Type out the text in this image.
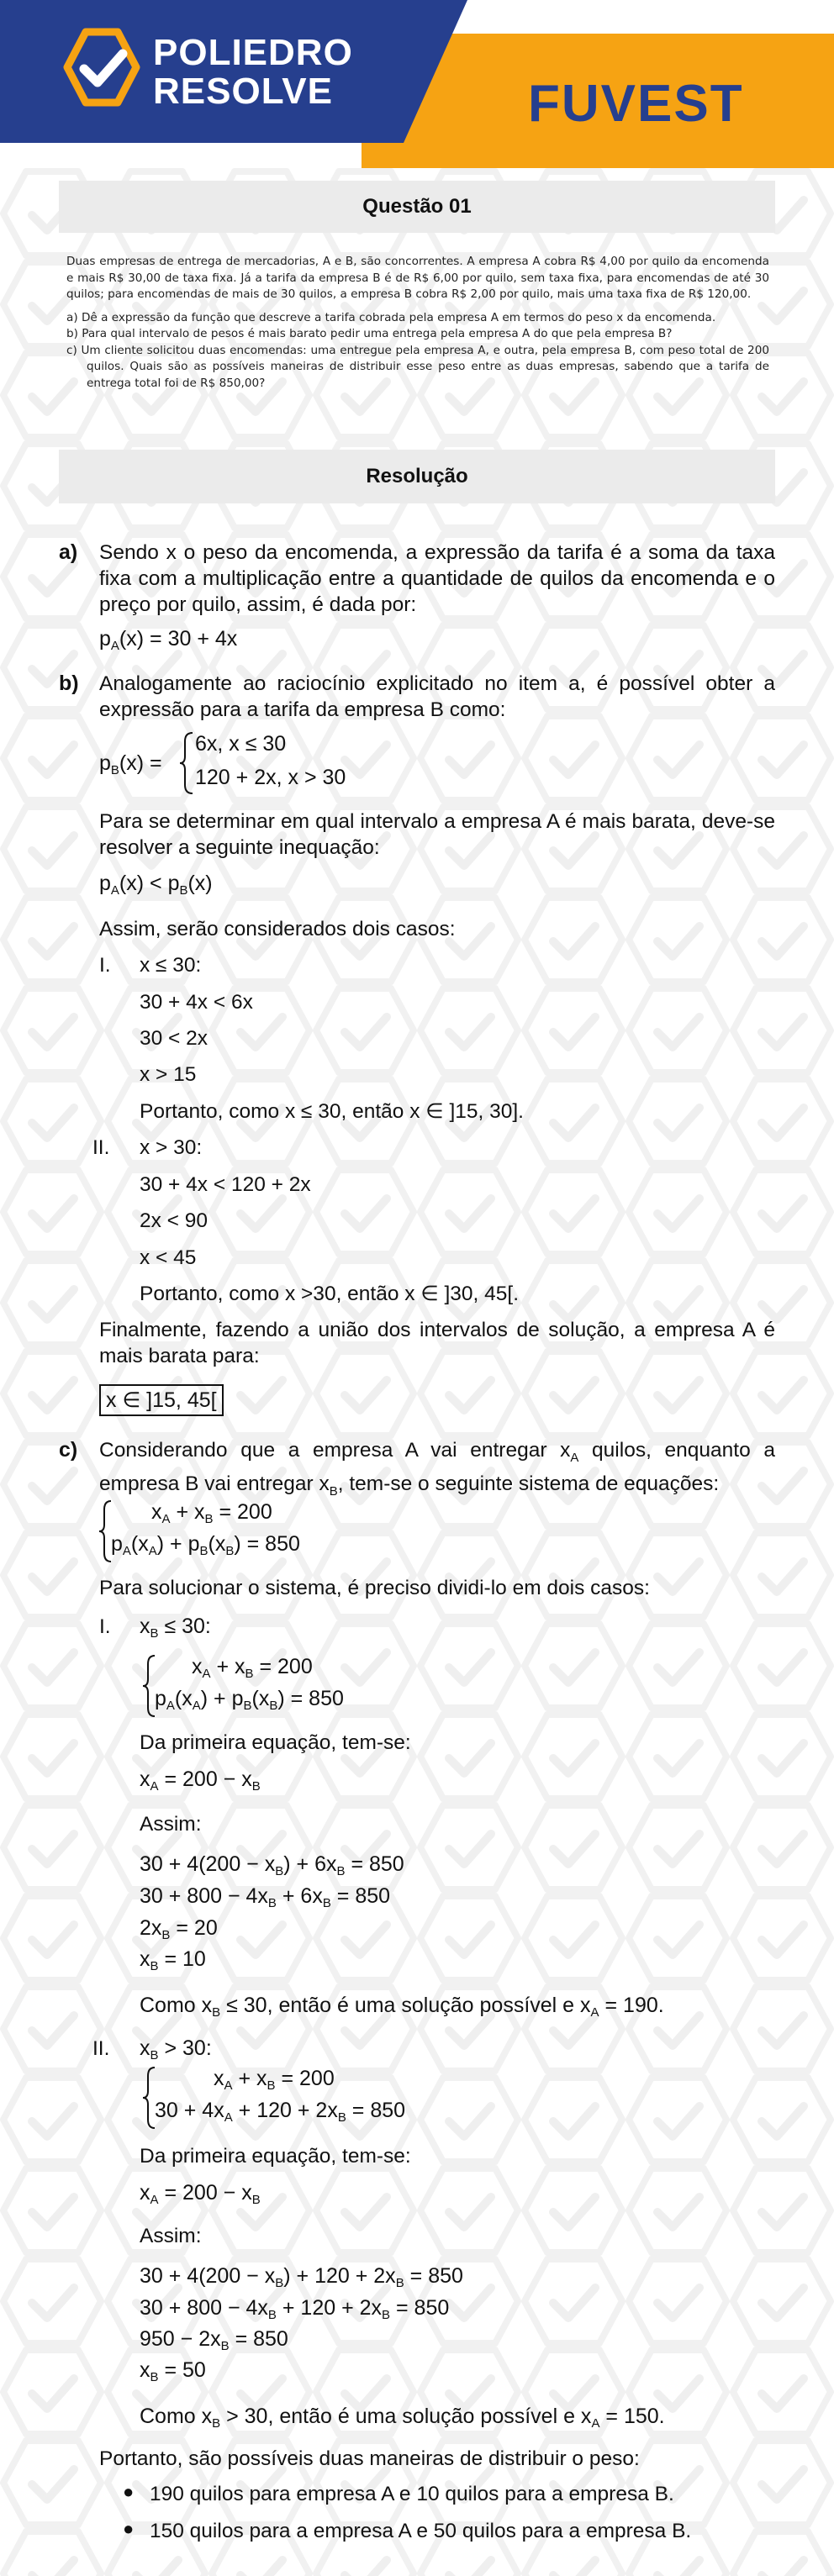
POLIEDRO
RESOLVE	FUVEST
Questão 01

Duas empresas de entrega de mercadorias, A e B, são concorrentes. A empresa A cobra R$ 4,00 por quilo da encomenda e mais R$ 30,00 de taxa fixa. Já a tarifa da empresa B é de R$ 6,00 por quilo, sem taxa fixa, para encomendas de até 30 quilos; para encomendas de mais de 30 quilos, a empresa B cobra R$ 2,00 por quilo, mais uma taxa fixa de R$ 120,00.

a) Dê a expressão da função que descreve a tarifa cobrada pela empresa A em termos do peso x da encomenda.

b) Para qual intervalo de pesos é mais barato pedir uma entrega pela empresa A do que pela empresa B?

c) Um cliente solicitou duas encomendas: uma entregue pela empresa A, e outra, pela empresa B, com peso total de 200 quilos. Quais são as possíveis maneiras de distribuir esse peso entre as duas empresas, sabendo que a tarifa de entrega total foi de R$ 850,00?

Resolução
a) Sendo x o peso da encomenda, a expressão da tarifa é a soma da taxa fixa com a multiplicação entre a quantidade de quilos da encomenda e o preço por quilo, assim, é dada por:
$p_A(x) = 30 + 4x$
b) Analogamente ao raciocínio explicitado no item a, é possível obter a expressão para a tarifa da empresa B como:
$p_B(x)$ =
6x, x ≤ 30
120 + 2x, x > 30
Para se determinar em qual intervalo a empresa A é mais barata, deve-se resolver a seguinte inequação:
$p_A(x) < p_B(x)$
Assim, serão considerados dois casos:
I. x ≤ 30:
30 + 4x < 6x
30 < 2x
x > 15
Portanto, como x ≤ 30, então x ∈ ]15, 30].
II. x > 30:
30 + 4x < 120 + 2x
2x < 90
x < 45
Portanto, como x >30, então x ∈ ]30, 45[.
Finalmente, fazendo a união dos intervalos de solução, a empresa A é mais barata para:
x ∈ ]15, 45[
c) Considerando que a empresa A vai entregar $x_A$ quilos, enquanto a empresa B vai entregar $x_B$, tem-se o seguinte sistema de equações:
$x_A + x_B = 200$
$p_A(x_A) + p_B(x_B) = 850$
Para solucionar o sistema, é preciso dividi-lo em dois casos:
I. $x_B \le 30$:
$x_A + x_B = 200$
$p_A(x_A) + p_B(x_B) = 850$
Da primeira equação, tem-se:
$x_A = 200 - x_B$
Assim:
$30 + 4(200 - x_B) + 6x_B = 850$
$30 + 800 - 4x_B + 6x_B = 850$
$2x_B = 20$
$x_B = 10$
Como $x_B \le 30$, então é uma solução possível e $x_A = 190$.
II. $x_B > 30$:
$x_A + x_B = 200$
$30 + 4x_A + 120 + 2x_B = 850$
Da primeira equação, tem-se:
$x_A = 200 - x_B$
Assim:
$30 + 4(200 - x_B) + 120 + 2x_B = 850$
$30 + 800 - 4x_B + 120 + 2x_B = 850$
$950 - 2x_B = 850$
$x_B = 50$
Como $x_B > 30$, então é uma solução possível e $x_A = 150$.
Portanto, são possíveis duas maneiras de distribuir o peso:
● 190 quilos para empresa A e 10 quilos para a empresa B.
● 150 quilos para a empresa A e 50 quilos para a empresa B.
